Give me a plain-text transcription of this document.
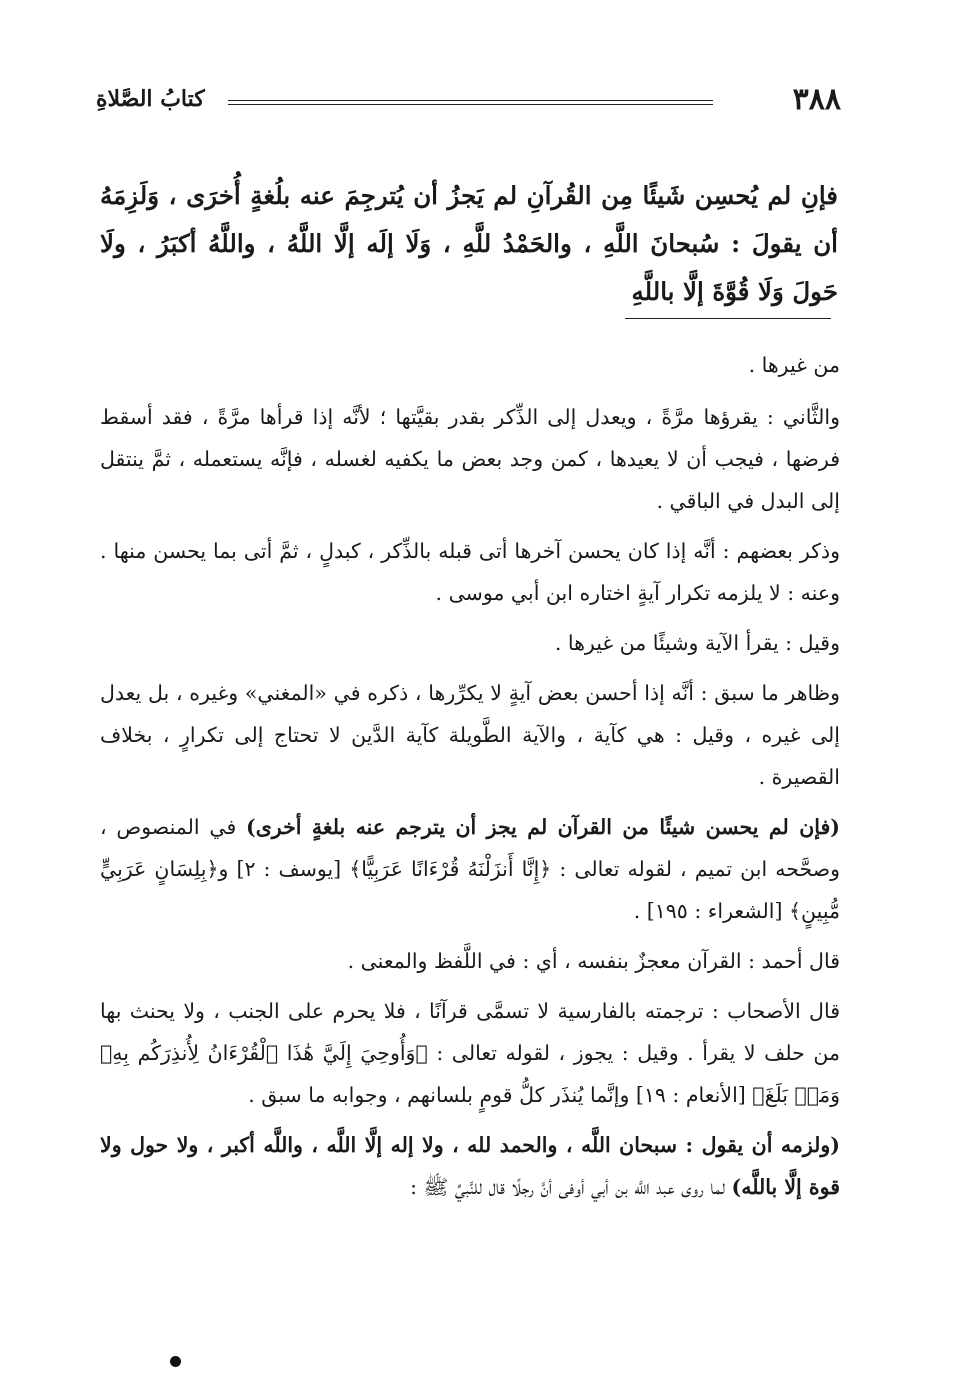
٣٨٨
كتابُ الصَّلاةِ
فإنِ لم يُحسِن شَيئًا مِن القُرآنِ لم يَجزُ أن يُترجِمَ عنه بلُغةٍ أُخرَى ، وَلَزِمَهُ أن يقولَ : سُبحانَ اللَّهِ ، والحَمْدُ للَّهِ ، وَلَا إلَه إلَّا اللَّهُ ، واللَّهُ أكبَرُ ، ولَا حَولَ وَلَا قُوَّةَ إلَّا باللَّهِ

من غيرها .

والثَّاني : يقرؤها مرَّةً ، ويعدل إلى الذِّكر بقدر بقيَّتها ؛ لأنَّه إذا قرأها مرَّةً ، فقد أسقط فرضها ، فيجب أن لا يعيدها ، كمن وجد بعض ما يكفيه لغسله ، فإنَّه يستعمله ، ثمَّ ينتقل إلى البدل في الباقي .

وذكر بعضهم : أنَّه إذا كان يحسن آخرها أتى قبله بالذِّكر ، كبدلٍ ، ثمَّ أتى بما يحسن منها . وعنه : لا يلزمه تكرار آيةٍ اختاره ابن أبي موسى .

وقيل : يقرأ الآية وشيئًا من غيرها .

وظاهر ما سبق : أنَّه إذا أحسن بعض آيةٍ لا يكرِّرها ، ذكره في «المغني» وغيره ، بل يعدل إلى غيره ، وقيل : هي كآية ، والآية الطَّويلة كآية الدَّين لا تحتاج إلى تكرارٍ ، بخلاف القصيرة .

(فإن لم يحسن شيئًا من القرآن لم يجز أن يترجم عنه بلغةٍ أخرى) في المنصوص ، وصحَّحه ابن تميم ، لقوله تعالى : ﴿إِنَّا أَنزَلْنَهُ قُرْءَانًا عَرَبِيًّا﴾ [يوسف : ٢] و﴿بِلِسَانٍ عَرَبِيٍّ مُّبِينٍ﴾ [الشعراء : ١٩٥] .

قال أحمد : القرآن معجزٌ بنفسه ، أي : في اللَّفظ والمعنى .

قال الأصحاب : ترجمته بالفارسية لا تسمَّى قرآنًا ، فلا يحرم على الجنب ، ولا يحنث بها من حلف لا يقرأ . وقيل : يجوز ، لقوله تعالى : ﴿وَأُوحِيَ إِلَيَّ هَٰذَا ٱلْقُرْءَانُ لِأُنذِرَكُم بِهِۦ وَمَنۢ بَلَغَ﴾ [الأنعام : ١٩] وإنَّما يُنذَر كلُّ قومٍ بلسانهم ، وجوابه ما سبق .

(ولزمه أن يقول : سبحان اللَّه ، والحمد لله ، ولا إله إلَّا اللَّه ، واللَّه أكبر ، ولا حول ولا قوة إلَّا باللَّه) لما روى عبد اللَّه بن أبي أوفى أنَّ رجلًا قال للنَّبيِّ ﷺ :
